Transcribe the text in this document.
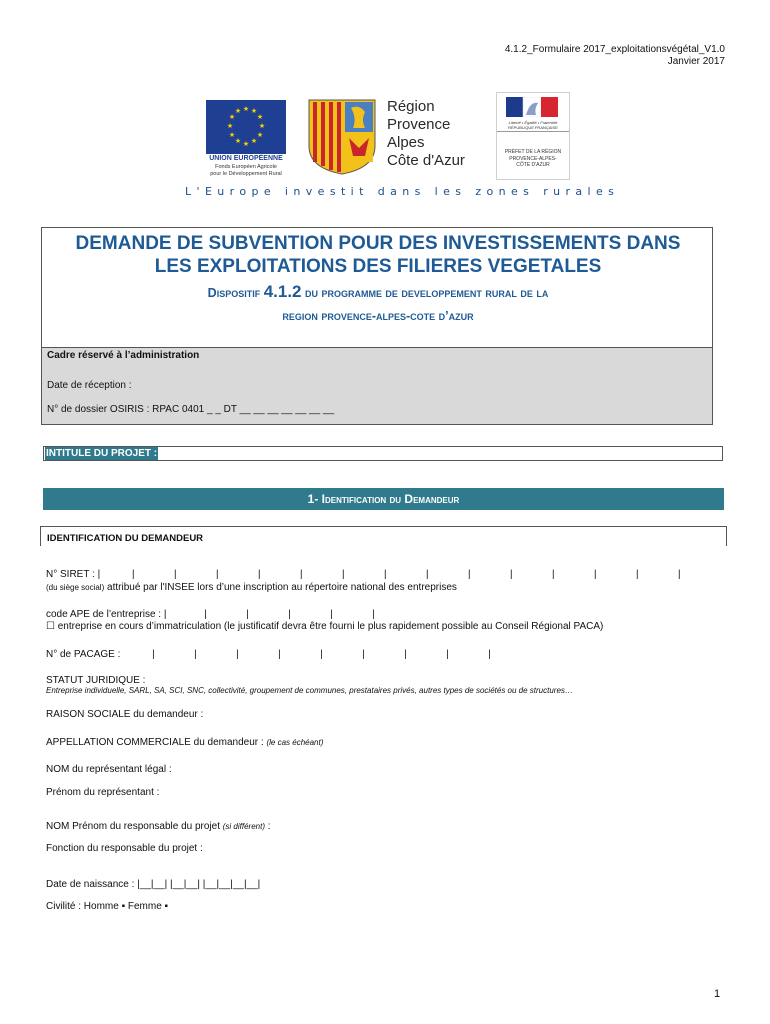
4.1.2_Formulaire 2017_exploitationsvégétal_V1.0
Janvier 2017
★ ★
★
★
★
★
★
★
★
★
★
★
UNION EUROPÉENNE
Fonds Européen Agricole
pour le Développement Rural
Région
Provence
Alpes
Côte d'Azur
Liberté • Égalité • Fraternité
RÉPUBLIQUE FRANÇAISE
PRÉFET DE LA RÉGION
PROVENCE-ALPES-
CÔTE D'AZUR
L'Europe investit dans les zones rurales
DEMANDE DE SUBVENTION POUR DES INVESTISSEMENTS DANS
LES EXPLOITATIONS DES FILIERES VEGETALES
Dispositif 4.1.2 du programme de developpement rural de la
region provence-alpes-cote d’azur
Cadre réservé à l’administration
Date de réception :
N° de dossier OSIRIS : RPAC 0401 _ _ DT __ __ __ __ __ __ __
INTITULE DU PROJET :
1- Identification du Demandeur
IDENTIFICATION DU DEMANDEUR
N° SIRET : |     |      |      |      |      |      |      |      |      |      |      |      |      |      |
(du siège social) attribué par l'INSEE lors d’une inscription au répertoire national des entreprises
code APE de l’entreprise : |      |      |      |      |      |
☐ entreprise en cours d’immatriculation (le justificatif devra être fourni le plus rapidement possible au Conseil Régional PACA)
N° de PACAGE :     |      |      |      |      |      |      |      |      |
STATUT JURIDIQUE :
Entreprise individuelle, SARL, SA, SCI, SNC, collectivité, groupement de communes, prestataires privés, autres types de sociétés ou de structures…
RAISON SOCIALE du demandeur :
APPELLATION COMMERCIALE du demandeur : (le cas échéant)
NOM du représentant légal :
Prénom du représentant :
NOM Prénom du responsable du projet (si différent) :
Fonction du responsable du projet :
Date de naissance : |__|__| |__|__| |__|__|__|__|
Civilité : Homme ▪ Femme ▪
1
